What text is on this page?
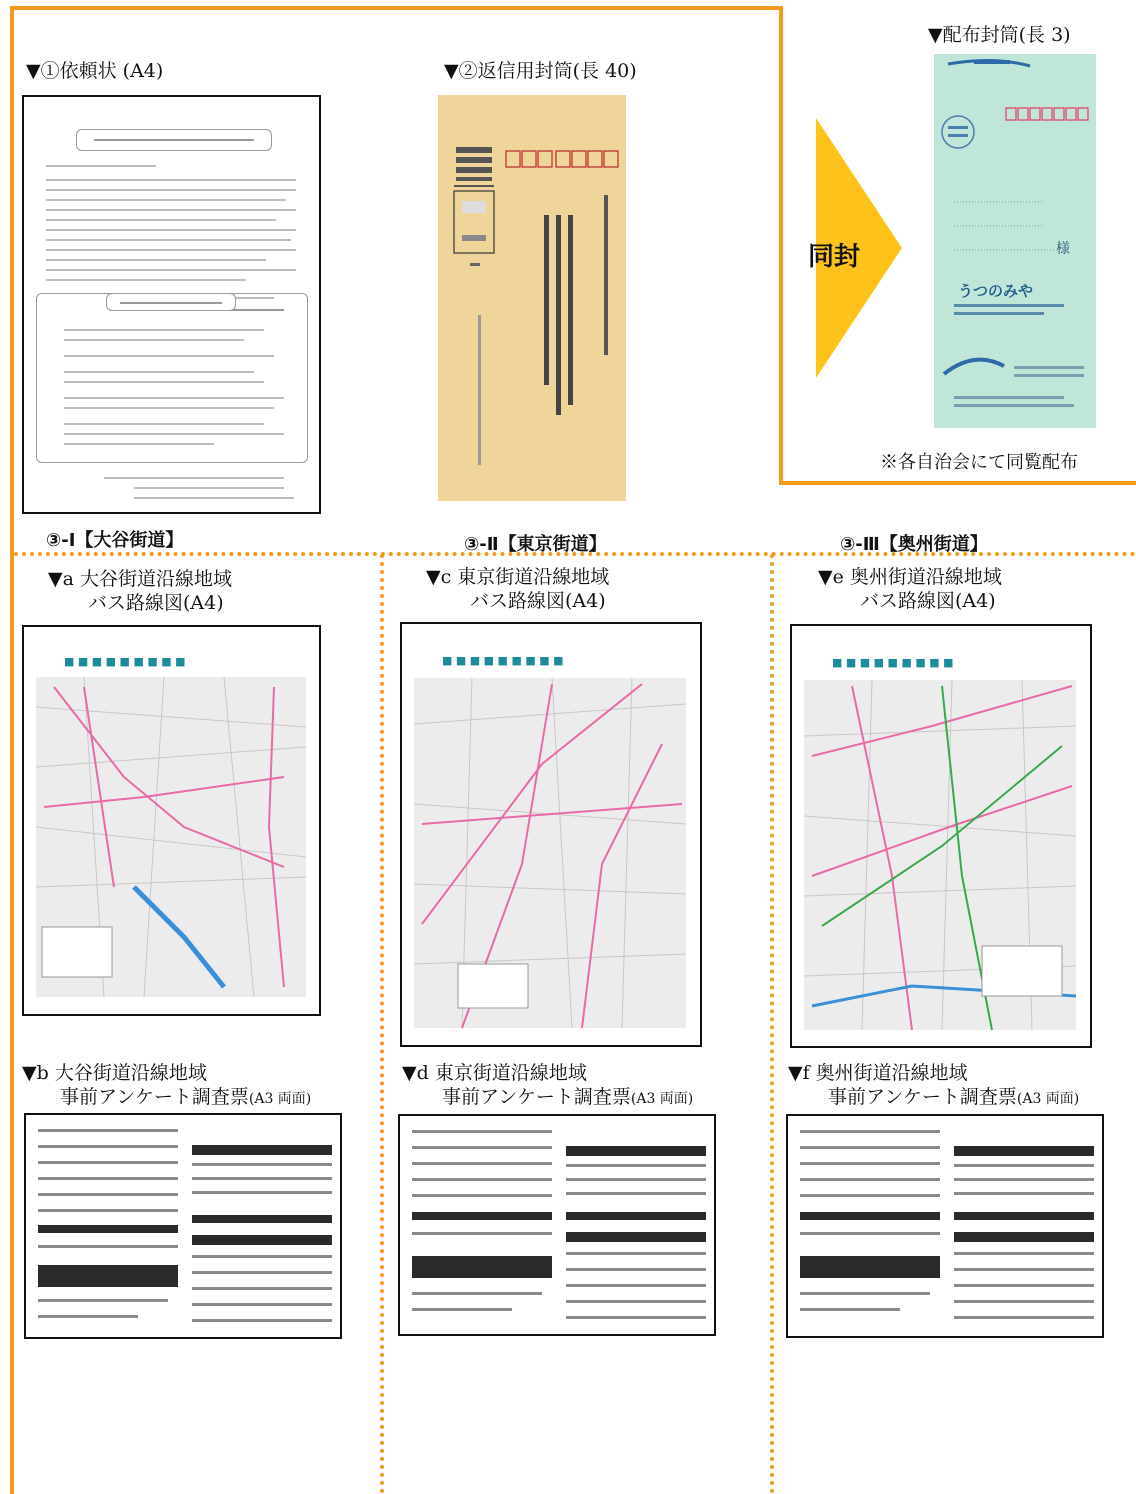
▼①依頼状 (A4)	▼②返信用封筒(長 40)
▼配布封筒(長 3)
様
うつのみや
※各自治会にて同覧配布
同封
③-Ⅰ【大谷街道】	③-Ⅱ【東京街道】	③-Ⅲ【奥州街道】
▼a 大谷街道沿線地域
バス路線図(A4)
■ ■ ■ ■ ■ ■ ■ ■ ■
▼b 大谷街道沿線地域
事前アンケート調査票(A3 両面)
▼c 東京街道沿線地域
バス路線図(A4)
■ ■ ■ ■ ■ ■ ■ ■ ■
▼d 東京街道沿線地域
事前アンケート調査票(A3 両面)
▼e 奥州街道沿線地域
バス路線図(A4)
■ ■ ■ ■ ■ ■ ■ ■ ■
▼f 奥州街道沿線地域
事前アンケート調査票(A3 両面)
